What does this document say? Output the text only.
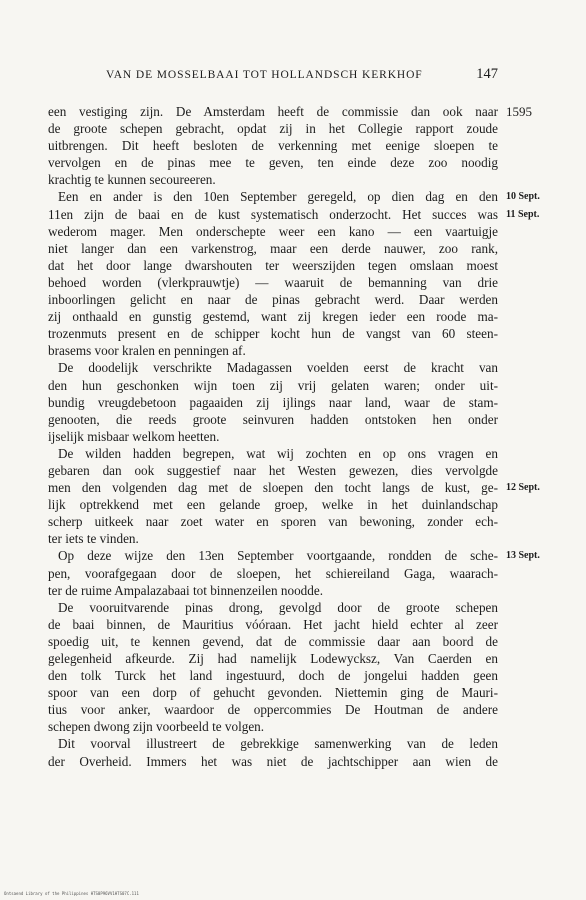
VAN DE MOSSELBAAI TOT HOLLANDSCH KERKHOF	147
een vestiging zijn. De Amsterdam heeft de commissie dan ook naar 1595
de groote schepen gebracht, opdat zij in het Collegie rapport zoude
uitbrengen. Dit heeft besloten de verkenning met eenige sloepen te
vervolgen en de pinas mee te geven, ten einde deze zoo noodig
krachtig te kunnen secoureeren.
Een en ander is den 10en September geregeld, op dien dag en den 10 Sept.
11en zijn de baai en de kust systematisch onderzocht. Het succes was 11 Sept.
wederom mager. Men onderschepte weer een kano — een vaartuigje
niet langer dan een varkenstrog, maar een derde nauwer, zoo rank,
dat het door lange dwarshouten ter weerszijden tegen omslaan moest
behoed worden (vlerkprauwtje) — waaruit de bemanning van drie
inboorlingen gelicht en naar de pinas gebracht werd. Daar werden
zij onthaald en gunstig gestemd, want zij kregen ieder een roode ma-
trozenmuts present en de schipper kocht hun de vangst van 60 steen-
brasems voor kralen en penningen af.
De doodelijk verschrikte Madagassen voelden eerst de kracht van
den hun geschonken wijn toen zij vrij gelaten waren; onder uit-
bundig vreugdebetoon pagaaiden zij ijlings naar land, waar de stam-
genooten, die reeds groote seinvuren hadden ontstoken hen onder
ijselijk misbaar welkom heetten.
De wilden hadden begrepen, wat wij zochten en op ons vragen en
gebaren dan ook suggestief naar het Westen gewezen, dies vervolgde
men den volgenden dag met de sloepen den tocht langs de kust, ge- 12 Sept.
lijk optrekkend met een gelande groep, welke in het duinlandschap
scherp uitkeek naar zoet water en sporen van bewoning, zonder ech-
ter iets te vinden.
Op deze wijze den 13en September voortgaande, rondden de sche- 13 Sept.
pen, voorafgegaan door de sloepen, het schiereiland Gaga, waarach-
ter de ruime Ampalazabaai tot binnenzeilen noodde.
De vooruitvarende pinas drong, gevolgd door de groote schepen
de baai binnen, de Mauritius vóóraan. Het jacht hield echter al zeer
spoedig uit, te kennen gevend, dat de commissie daar aan boord de
gelegenheid afkeurde. Zij had namelijk Lodewycksz, Van Caerden en
den tolk Turck het land ingestuurd, doch de jongelui hadden geen
spoor van een dorp of gehucht gevonden. Niettemin ging de Mauri-
tius voor anker, waardoor de oppercommies De Houtman de andere
schepen dwong zijn voorbeeld te volgen.
Dit voorval illustreert de gebrekkige samenwerking van de leden
der Overheid. Immers het was niet de jachtschipper aan wien de
Ontsaend Library of the Philippines HTS0P96VV1HTS07C.111
